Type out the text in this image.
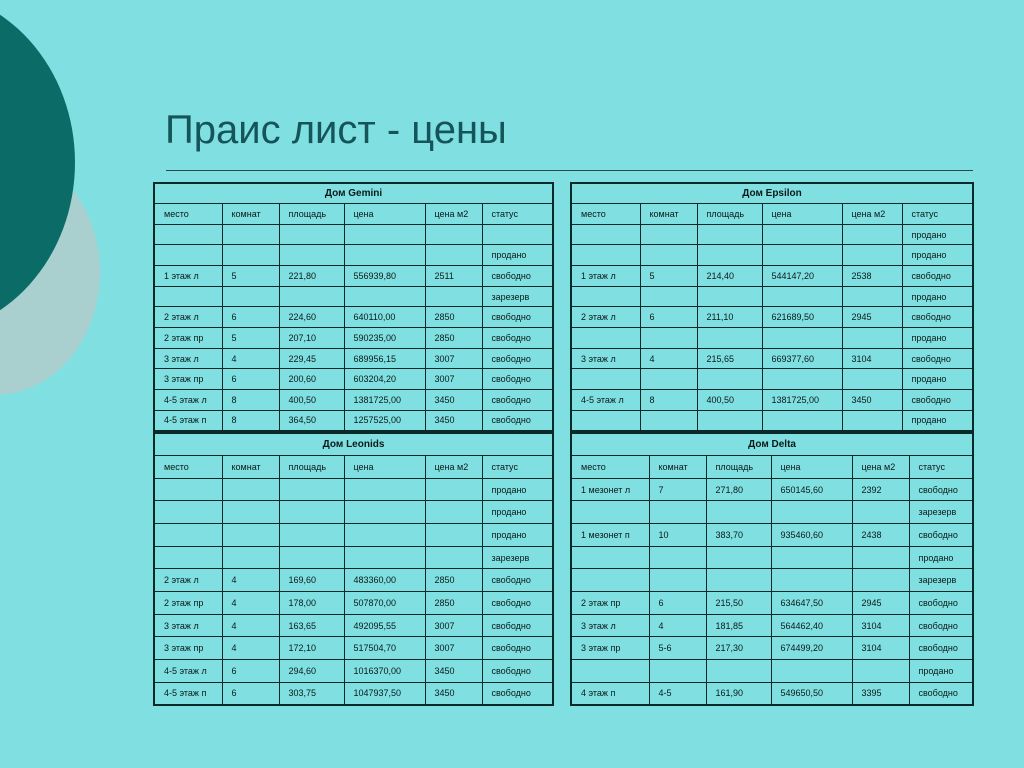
Праис лист - цены
Дом Gemini					
место	комнат	площадь	цена	цена м2	статус

					продано
1 этаж л	5	221,80	556939,80	2511	свободно
					зарезерв
2 этаж л	6	224,60	640110,00	2850	свободно
2 этаж пр	5	207,10	590235,00	2850	свободно
3 этаж л	4	229,45	689956,15	3007	свободно
3 этаж пр	6	200,60	603204,20	3007	свободно
4-5 этаж л	8	400,50	1381725,00	3450	свободно
4-5 этаж п	8	364,50	1257525,00	3450	свободно
Дом Epsilon					
место	комнат	площадь	цена	цена м2	статус
					продано
					продано
1 этаж л	5	214,40	544147,20	2538	свободно
					продано
2 этаж л	6	211,10	621689,50	2945	свободно
					продано
3 этаж л	4	215,65	669377,60	3104	свободно
					продано
4-5 этаж л	8	400,50	1381725,00	3450	свободно
					продано
Дом Leonids					
место	комнат	площадь	цена	цена м2	статус
					продано
					продано
					продано
					зарезерв
2 этаж л	4	169,60	483360,00	2850	свободно
2 этаж пр	4	178,00	507870,00	2850	свободно
3 этаж л	4	163,65	492095,55	3007	свободно
3 этаж пр	4	172,10	517504,70	3007	свободно
4-5 этаж л	6	294,60	1016370,00	3450	свободно
4-5 этаж п	6	303,75	1047937,50	3450	свободно
Дом Delta					
место	комнат	площадь	цена	цена м2	статус
1 мезонет л	7	271,80	650145,60	2392	свободно
					зарезерв
1 мезонет п	10	383,70	935460,60	2438	свободно
					продано
					зарезерв
2 этаж пр	6	215,50	634647,50	2945	свободно
3 этаж л	4	181,85	564462,40	3104	свободно
3 этаж пр	5-6	217,30	674499,20	3104	свободно
					продано
4 этаж п	4-5	161,90	549650,50	3395	свободно
